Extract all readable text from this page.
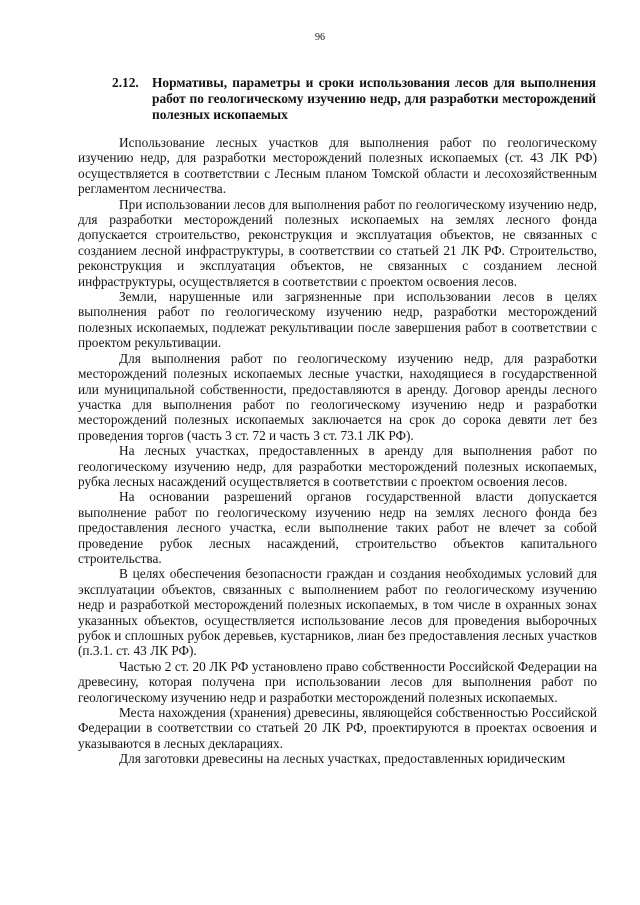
96
2.12. Нормативы, параметры и сроки использования лесов для выполнения работ по геологическому изучению недр, для разработки месторождений полезных ископаемых

Использование лесных участков для выполнения работ по геологическому изучению недр, для разработки месторождений полезных ископаемых (ст. 43 ЛК РФ) осуществляется в соответствии с Лесным планом Томской области и лесохозяйственным регламентом лесничества.

При использовании лесов для выполнения работ по геологическому изучению недр, для разработки месторождений полезных ископаемых на землях лесного фонда допускается строительство, реконструкция и эксплуатация объектов, не связанных с созданием лесной инфраструктуры, в соответствии со статьей 21 ЛК РФ. Строительство, реконструкция и эксплуатация объектов, не связанных с созданием лесной инфраструктуры, осуществляется в соответствии с проектом освоения лесов.

Земли, нарушенные или загрязненные при использовании лесов в целях выполнения работ по геологическому изучению недр, разработки месторождений полезных ископаемых, подлежат рекультивации после завершения работ в соответствии с проектом рекультивации.

Для выполнения работ по геологическому изучению недр, для разработки месторождений полезных ископаемых лесные участки, находящиеся в государственной или муниципальной собственности, предоставляются в аренду. Договор аренды лесного участка для выполнения работ по геологическому изучению недр и разработки месторождений полезных ископаемых заключается на срок до сорока девяти лет без проведения торгов (часть 3 ст. 72 и часть 3 ст. 73.1 ЛК РФ).

На лесных участках, предоставленных в аренду для выполнения работ по геологическому изучению недр, для разработки месторождений полезных ископаемых, рубка лесных насаждений осуществляется в соответствии с проектом освоения лесов.

На основании разрешений органов государственной власти допускается выполнение работ по геологическому изучению недр на землях лесного фонда без предоставления лесного участка, если выполнение таких работ не влечет за собой проведение рубок лесных насаждений, строительство объектов капитального строительства.

В целях обеспечения безопасности граждан и создания необходимых условий для эксплуатации объектов, связанных с выполнением работ по геологическому изучению недр и разработкой месторождений полезных ископаемых, в том числе в охранных зонах указанных объектов, осуществляется использование лесов для проведения выборочных рубок и сплошных рубок деревьев, кустарников, лиан без предоставления лесных участков (п.3.1. ст. 43 ЛК РФ).

Частью 2 ст. 20 ЛК РФ установлено право собственности Российской Федерации на древесину, которая получена при использовании лесов для выполнения работ по геологическому изучению недр и разработки месторождений полезных ископаемых.

Места нахождения (хранения) древесины, являющейся собственностью Российской Федерации в соответствии со статьей 20 ЛК РФ, проектируются в проектах освоения и указываются в лесных декларациях.

Для заготовки древесины на лесных участках, предоставленных юридическим
